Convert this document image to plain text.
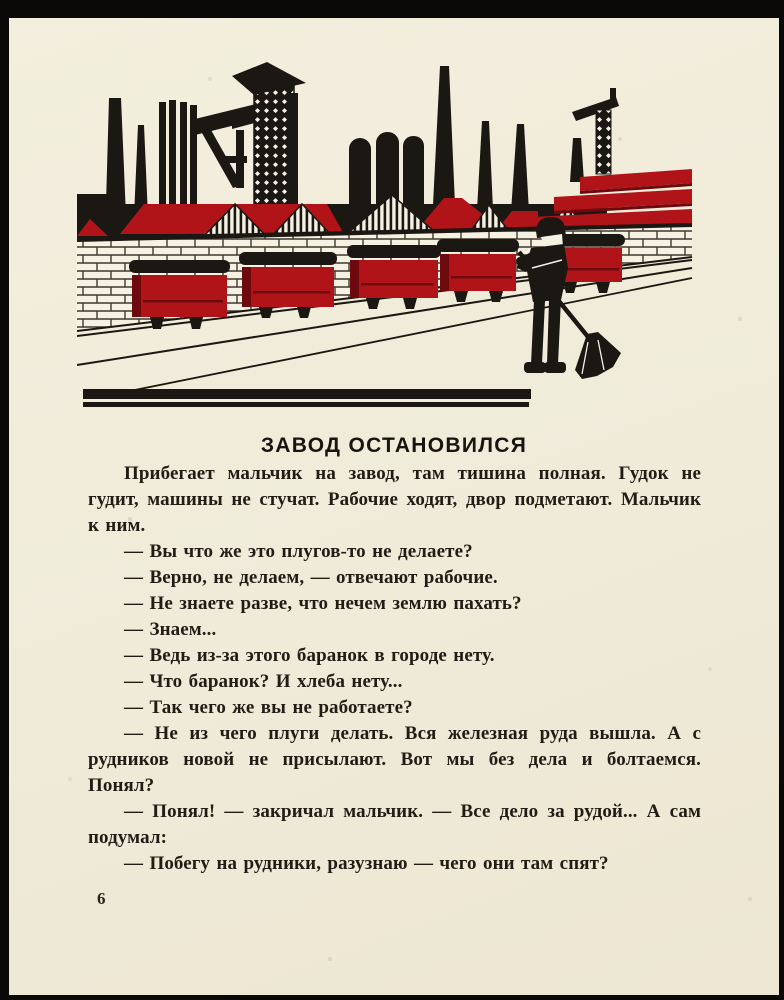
ЗАВОД ОСТАНОВИЛСЯ

Прибегает мальчик на завод, там тишина полная. Гудок не гудит, машины не стучат. Рабочие ходят, двор подметают. Мальчик к ним.

— Вы что же это плугов-то не делаете?

— Верно, не делаем, — отвечают рабочие.

— Не знаете разве, что нечем землю пахать?

— Знаем...

— Ведь из-за этого баранок в городе нету.

— Что баранок? И хлеба нету...

— Так чего же вы не работаете?

— Не из чего плуги делать. Вся железная руда вышла. А с рудников новой не присылают. Вот мы без дела и болтаемся. Понял?

— Понял! — закричал мальчик. — Все дело за рудой... А сам подумал:

— Побегу на рудники, разузнаю — чего они там спят?

6
